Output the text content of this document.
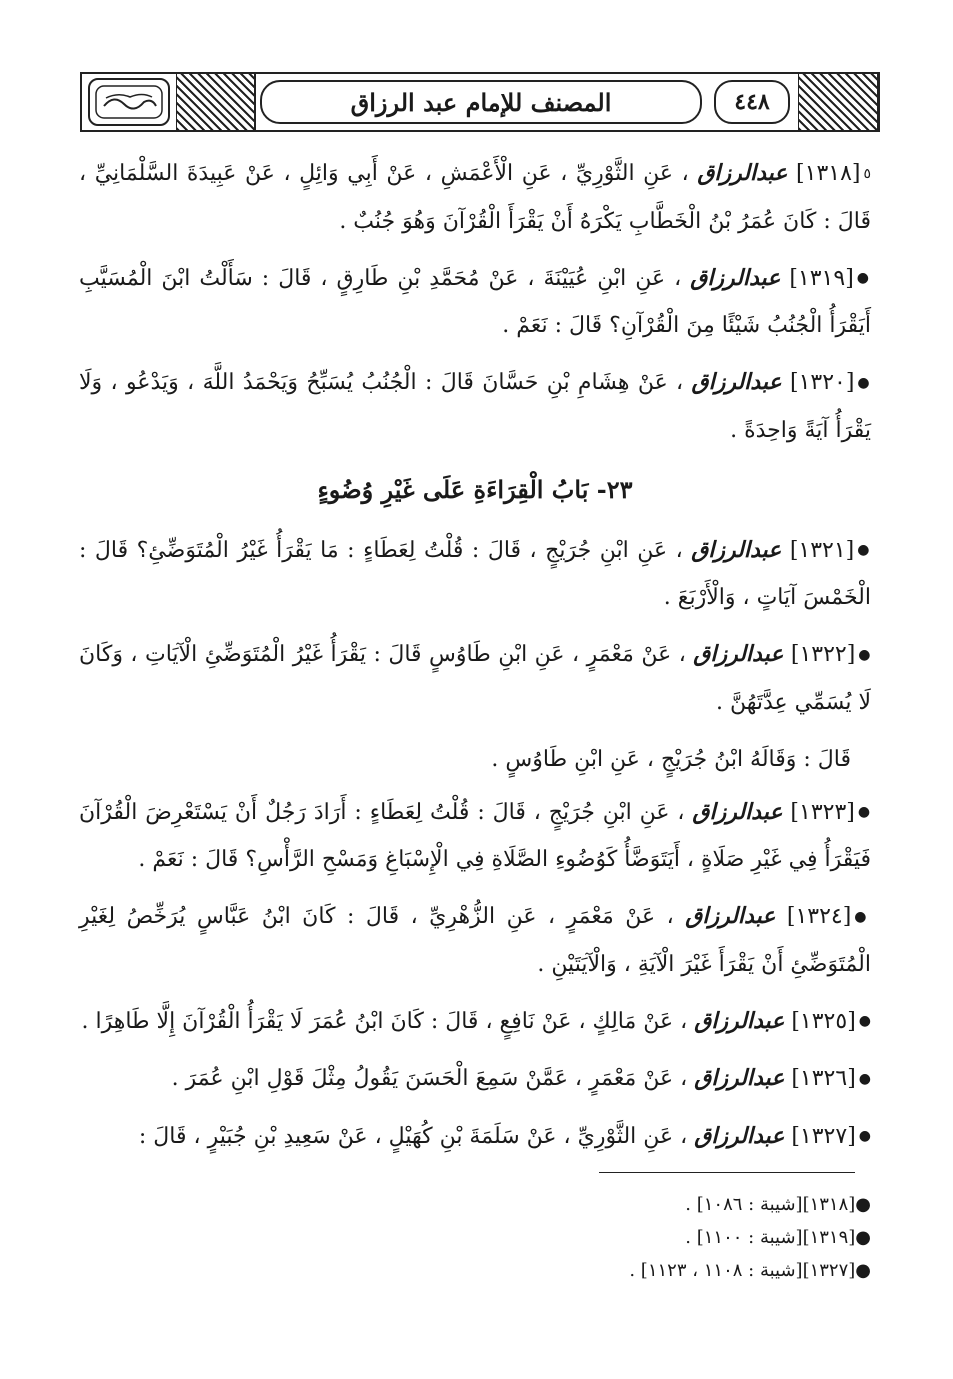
٤٤٨
المصنف للإمام عبد الرزاق

٥[١٣١٨] عبدالرزاق ، عَنِ الثَّوْرِيِّ ، عَنِ الْأَعْمَشِ ، عَنْ أَبِي وَائِلٍ ، عَنْ عَبِيدَةَ السَّلْمَانِيِّ ، قَالَ : كَانَ عُمَرُ بْنُ الْخَطَّابِ يَكْرَهُ أَنْ يَقْرَأَ الْقُرْآنَ وَهُوَ جُنُبٌ .

●[١٣١٩] عبدالرزاق ، عَنِ ابْنِ عُيَيْنَةَ ، عَنْ مُحَمَّدِ بْنِ طَارِقٍ ، قَالَ : سَأَلْتُ ابْنَ الْمُسَيَّبِ أَيَقْرَأُ الْجُنُبُ شَيْئًا مِنَ الْقُرْآنِ؟ قَالَ : نَعَمْ .

●[١٣٢٠] عبدالرزاق ، عَنْ هِشَامِ بْنِ حَسَّانَ قَالَ : الْجُنُبُ يُسَبِّحُ وَيَحْمَدُ اللَّهَ ، وَيَدْعُو ، وَلَا يَقْرَأُ آيَةً وَاحِدَةً .

٢٣- بَابُ الْقِرَاءَةِ عَلَى غَيْرِ وُضُوءٍ

●[١٣٢١] عبدالرزاق ، عَنِ ابْنِ جُرَيْجٍ ، قَالَ : قُلْتُ لِعَطَاءٍ : مَا يَقْرَأُ غَيْرُ الْمُتَوَضِّئِ؟ قَالَ : الْخَمْسَ آيَاتٍ ، وَالْأَرْبَعَ .

●[١٣٢٢] عبدالرزاق ، عَنْ مَعْمَرٍ ، عَنِ ابْنِ طَاوُسٍ قَالَ : يَقْرَأُ غَيْرُ الْمُتَوَضِّئِ الْآيَاتِ ، وَكَانَ لَا يُسَمِّي عِدَّتَهُنَّ .

قَالَ : وَقَالَهُ ابْنُ جُرَيْجٍ ، عَنِ ابْنِ طَاوُسٍ .

●[١٣٢٣] عبدالرزاق ، عَنِ ابْنِ جُرَيْجٍ ، قَالَ : قُلْتُ لِعَطَاءٍ : أَرَادَ رَجُلٌ أَنْ يَسْتَعْرِضَ الْقُرْآنَ فَيَقْرَأُ فِي غَيْرِ صَلَاةٍ ، أَيَتَوَضَّأُ كَوُضُوءِ الصَّلَاةِ فِي الْإِسْبَاغِ وَمَسْحِ الرَّأْسِ؟ قَالَ : نَعَمْ .

●[١٣٢٤] عبدالرزاق ، عَنْ مَعْمَرٍ ، عَنِ الزُّهْرِيِّ ، قَالَ : كَانَ ابْنُ عَبَّاسٍ يُرَخِّصُ لِغَيْرِ الْمُتَوَضِّئِ أَنْ يَقْرَأَ غَيْرَ الْآيَةِ ، وَالْآيَتَيْنِ .

●[١٣٢٥] عبدالرزاق ، عَنْ مَالِكٍ ، عَنْ نَافِعٍ ، قَالَ : كَانَ ابْنُ عُمَرَ لَا يَقْرَأُ الْقُرْآنَ إِلَّا طَاهِرًا .

●[١٣٢٦] عبدالرزاق ، عَنْ مَعْمَرٍ ، عَمَّنْ سَمِعَ الْحَسَنَ يَقُولُ مِثْلَ قَوْلِ ابْنِ عُمَرَ .

●[١٣٢٧] عبدالرزاق ، عَنِ الثَّوْرِيِّ ، عَنْ سَلَمَةَ بْنِ كُهَيْلٍ ، عَنْ سَعِيدِ بْنِ جُبَيْرٍ ، قَالَ :

●[١٣١٨][شيبة : ١٠٨٦] .

●[١٣١٩][شيبة : ١١٠٠] .

●[١٣٢٧][شيبة : ١١٠٨ ، ١١٢٣] .
